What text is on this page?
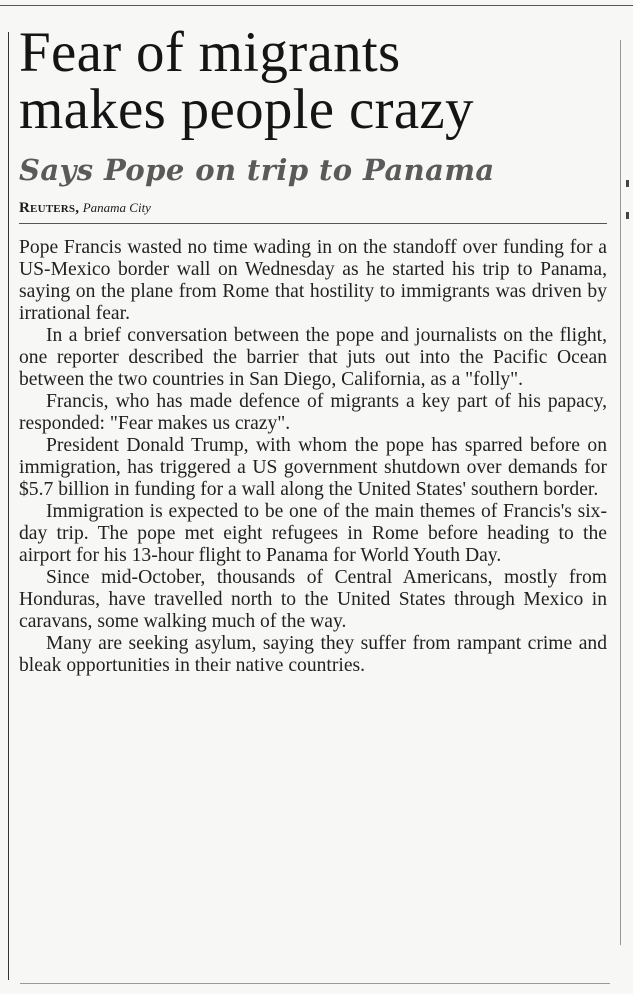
Fear of migrants
makes people crazy
Says Pope on trip to Panama
Reuters, Panama City

Pope Francis wasted no time wading in on the standoff over funding for a US-Mexico border wall on Wednesday as he started his trip to Panama, saying on the plane from Rome that hostility to immigrants was driven by irrational fear.

In a brief conversation between the pope and journalists on the flight, one reporter described the barrier that juts out into the Pacific Ocean between the two countries in San Diego, California, as a "folly".

Francis, who has made defence of migrants a key part of his papacy, responded: "Fear makes us crazy".

President Donald Trump, with whom the pope has sparred before on immigration, has triggered a US government shutdown over demands for $5.7 billion in funding for a wall along the United States' southern border.

Immigration is expected to be one of the main themes of Francis's six-day trip. The pope met eight refugees in Rome before heading to the airport for his 13-hour flight to Panama for World Youth Day.

Since mid-October, thousands of Central Americans, mostly from Honduras, have travelled north to the United States through Mexico in caravans, some walking much of the way.

Many are seeking asylum, saying they suffer from rampant crime and bleak opportunities in their native countries.
